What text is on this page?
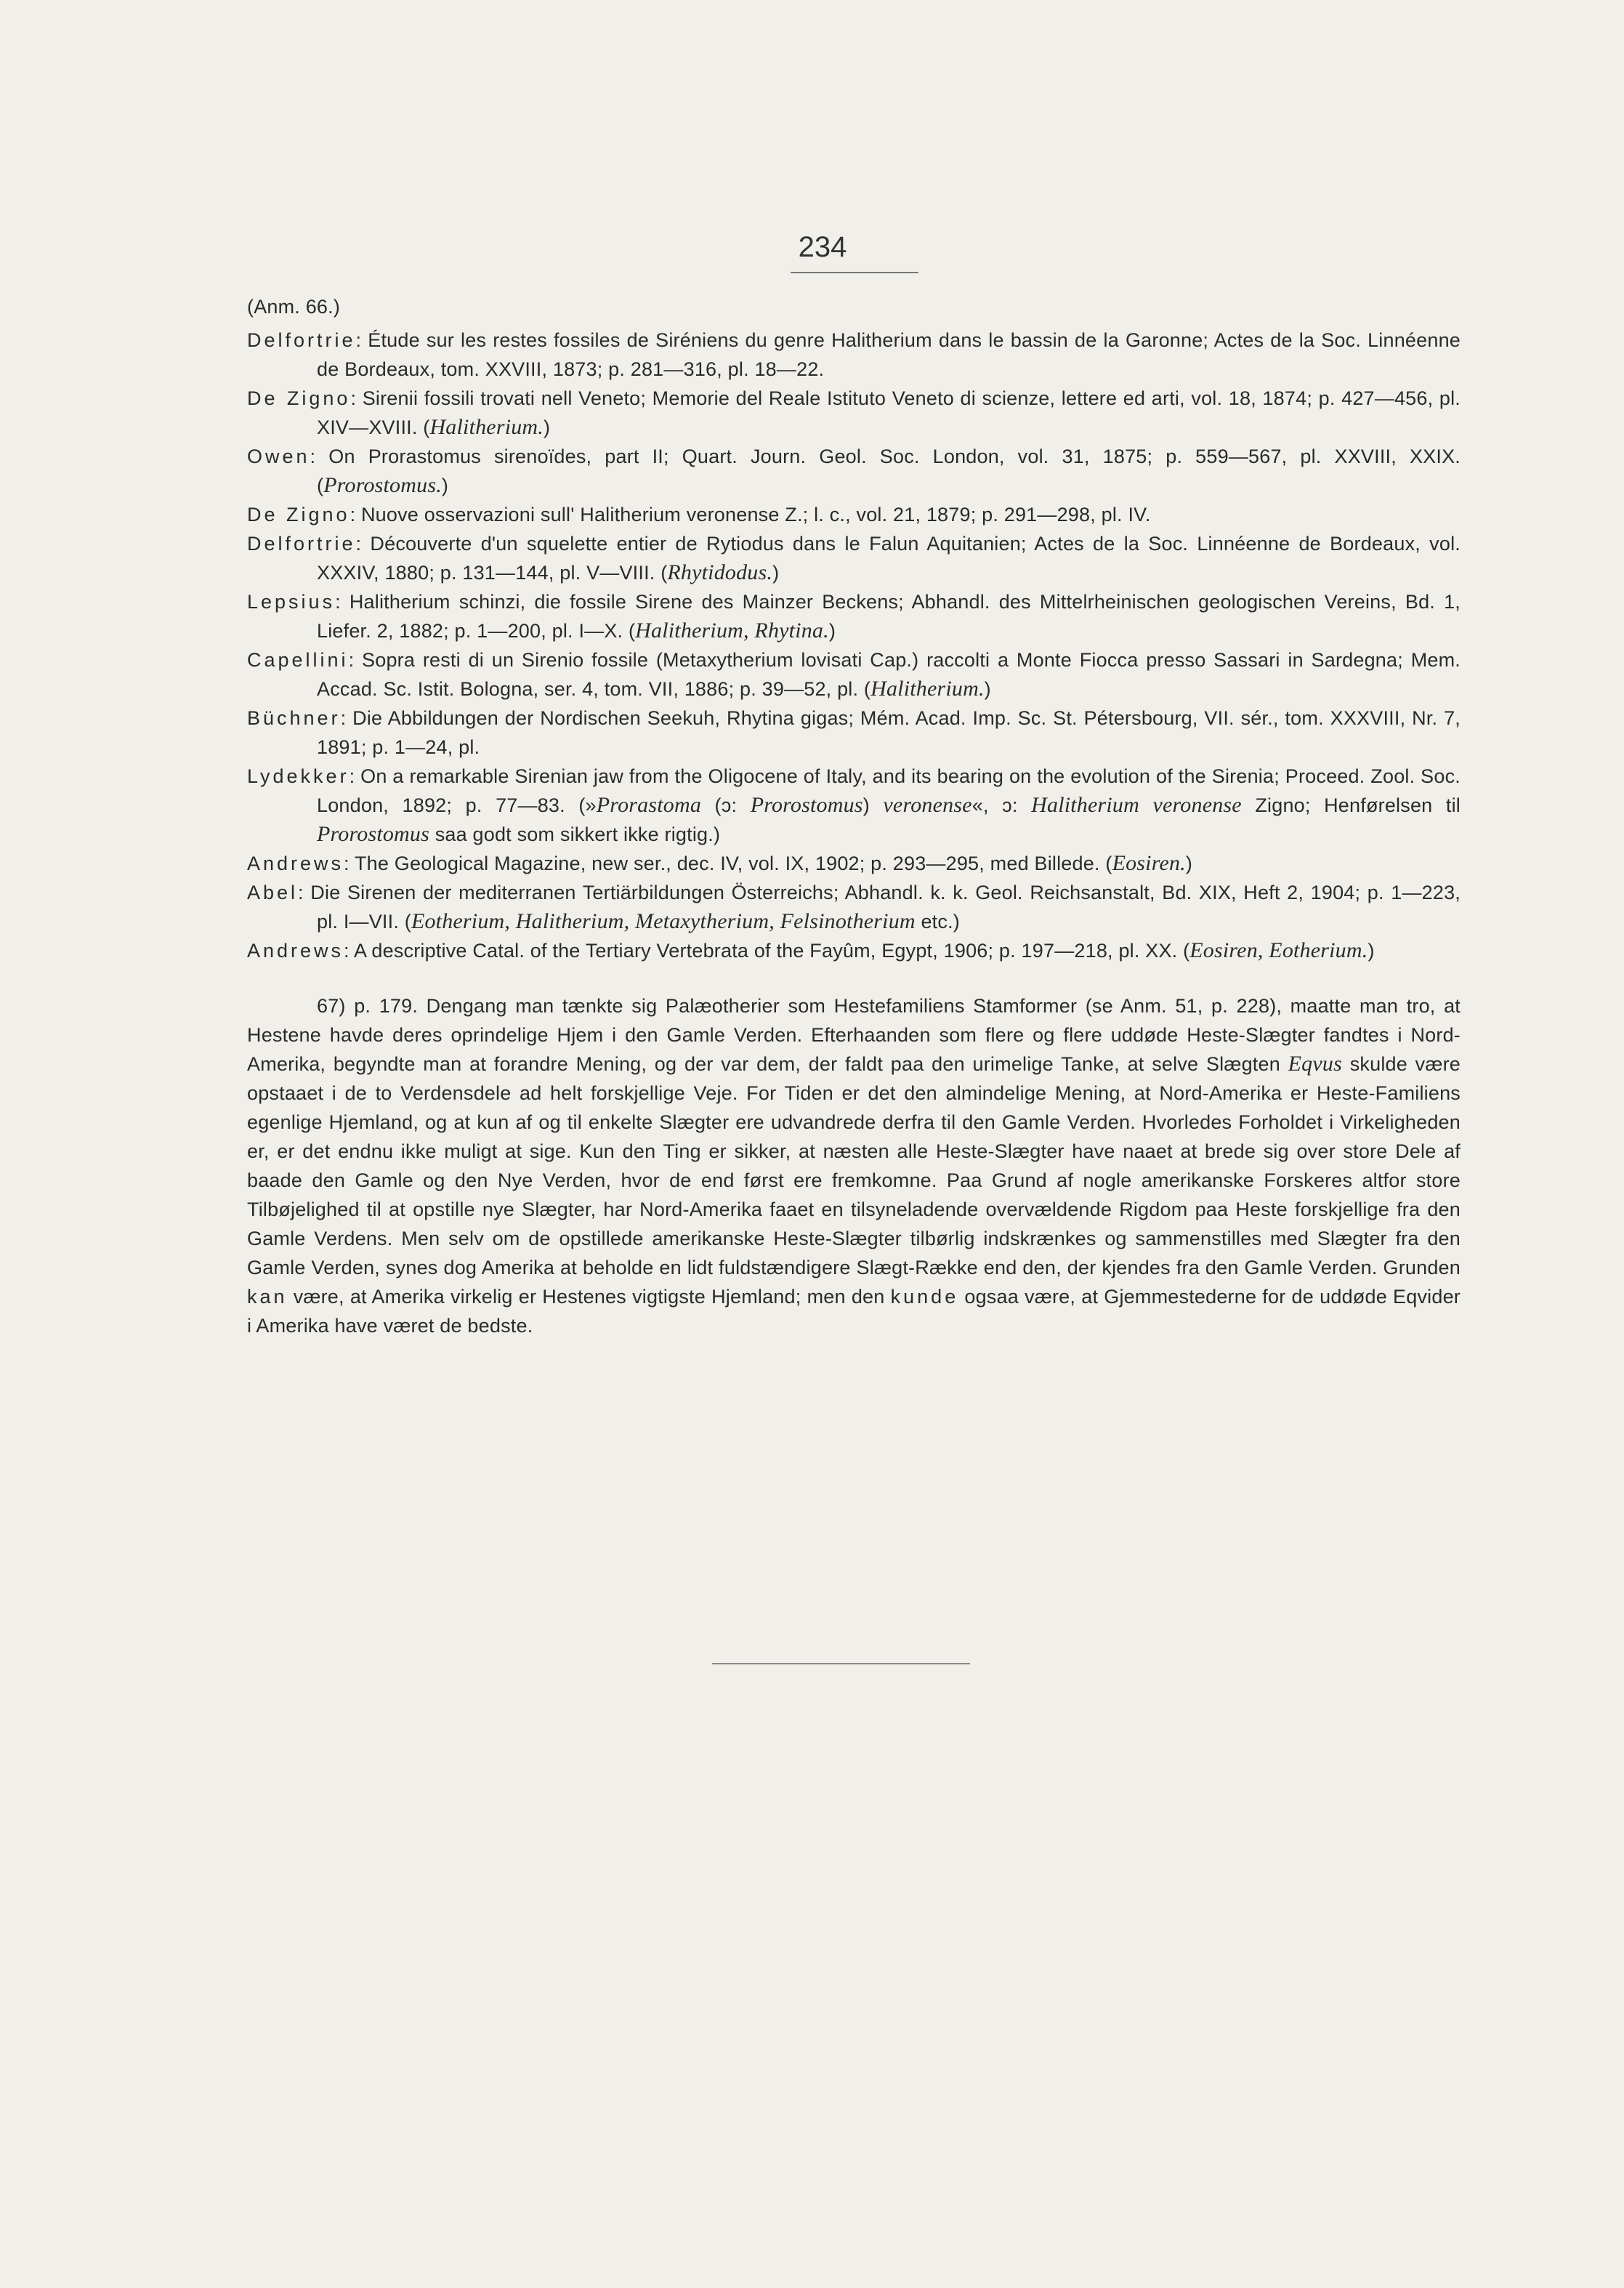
234
(Anm. 66.)
Delfortrie: Étude sur les restes fossiles de Siréniens du genre Halitherium dans le bassin de la Garonne; Actes de la Soc. Linnéenne de Bordeaux, tom. XXVIII, 1873; p. 281—316, pl. 18—22.
De Zigno: Sirenii fossili trovati nell Veneto; Memorie del Reale Istituto Veneto di scienze, lettere ed arti, vol. 18, 1874; p. 427—456, pl. XIV—XVIII. (Halitherium.)
Owen: On Prorastomus sirenoïdes, part II; Quart. Journ. Geol. Soc. London, vol. 31, 1875; p. 559—567, pl. XXVIII, XXIX. (Prorostomus.)
De Zigno: Nuove osservazioni sull' Halitherium veronense Z.; l. c., vol. 21, 1879; p. 291—298, pl. IV.
Delfortrie: Découverte d'un squelette entier de Rytiodus dans le Falun Aquitanien; Actes de la Soc. Linnéenne de Bordeaux, vol. XXXIV, 1880; p. 131—144, pl. V—VIII. (Rhytidodus.)
Lepsius: Halitherium schinzi, die fossile Sirene des Mainzer Beckens; Abhandl. des Mittelrheinischen geologischen Vereins, Bd. 1, Liefer. 2, 1882; p. 1—200, pl. I—X. (Halitherium, Rhytina.)
Capellini: Sopra resti di un Sirenio fossile (Metaxytherium lovisati Cap.) raccolti a Monte Fiocca presso Sassari in Sardegna; Mem. Accad. Sc. Istit. Bologna, ser. 4, tom. VII, 1886; p. 39—52, pl. (Halitherium.)
Büchner: Die Abbildungen der Nordischen Seekuh, Rhytina gigas; Mém. Acad. Imp. Sc. St. Pétersbourg, VII. sér., tom. XXXVIII, Nr. 7, 1891; p. 1—24, pl.
Lydekker: On a remarkable Sirenian jaw from the Oligocene of Italy, and its bearing on the evolution of the Sirenia; Proceed. Zool. Soc. London, 1892; p. 77—83. (»Prorastoma (ɔ: Prorostomus) veronense«, ɔ: Halitherium veronense Zigno; Henførelsen til Prorostomus saa godt som sikkert ikke rigtig.)
Andrews: The Geological Magazine, new ser., dec. IV, vol. IX, 1902; p. 293—295, med Billede. (Eosiren.)
Abel: Die Sirenen der mediterranen Tertiärbildungen Österreichs; Abhandl. k. k. Geol. Reichsanstalt, Bd. XIX, Heft 2, 1904; p. 1—223, pl. I—VII. (Eotherium, Halitherium, Metaxytherium, Felsinotherium etc.)
Andrews: A descriptive Catal. of the Tertiary Vertebrata of the Fayûm, Egypt, 1906; p. 197—218, pl. XX. (Eosiren, Eotherium.)

67) p. 179. Dengang man tænkte sig Palæotherier som Hestefamiliens Stamformer (se Anm. 51, p. 228), maatte man tro, at Hestene havde deres oprindelige Hjem i den Gamle Verden. Efterhaanden som flere og flere uddøde Heste-Slægter fandtes i Nord-Amerika, begyndte man at forandre Mening, og der var dem, der faldt paa den urimelige Tanke, at selve Slægten Eqvus skulde være opstaaet i de to Verdensdele ad helt forskjellige Veje. For Tiden er det den almindelige Mening, at Nord-Amerika er Heste-Familiens egenlige Hjemland, og at kun af og til enkelte Slægter ere udvandrede derfra til den Gamle Verden. Hvorledes Forholdet i Virkeligheden er, er det endnu ikke muligt at sige. Kun den Ting er sikker, at næsten alle Heste-Slægter have naaet at brede sig over store Dele af baade den Gamle og den Nye Verden, hvor de end først ere fremkomne. Paa Grund af nogle amerikanske Forskeres altfor store Tilbøjelighed til at opstille nye Slægter, har Nord-Amerika faaet en tilsyneladende overvældende Rigdom paa Heste forskjellige fra den Gamle Verdens. Men selv om de opstillede amerikanske Heste-Slægter tilbørlig indskrænkes og sammenstilles med Slægter fra den Gamle Verden, synes dog Amerika at beholde en lidt fuldstændigere Slægt-Række end den, der kjendes fra den Gamle Verden. Grunden kan være, at Amerika virkelig er Hestenes vigtigste Hjemland; men den kunde ogsaa være, at Gjemmestederne for de uddøde Eqvider i Amerika have været de bedste.
